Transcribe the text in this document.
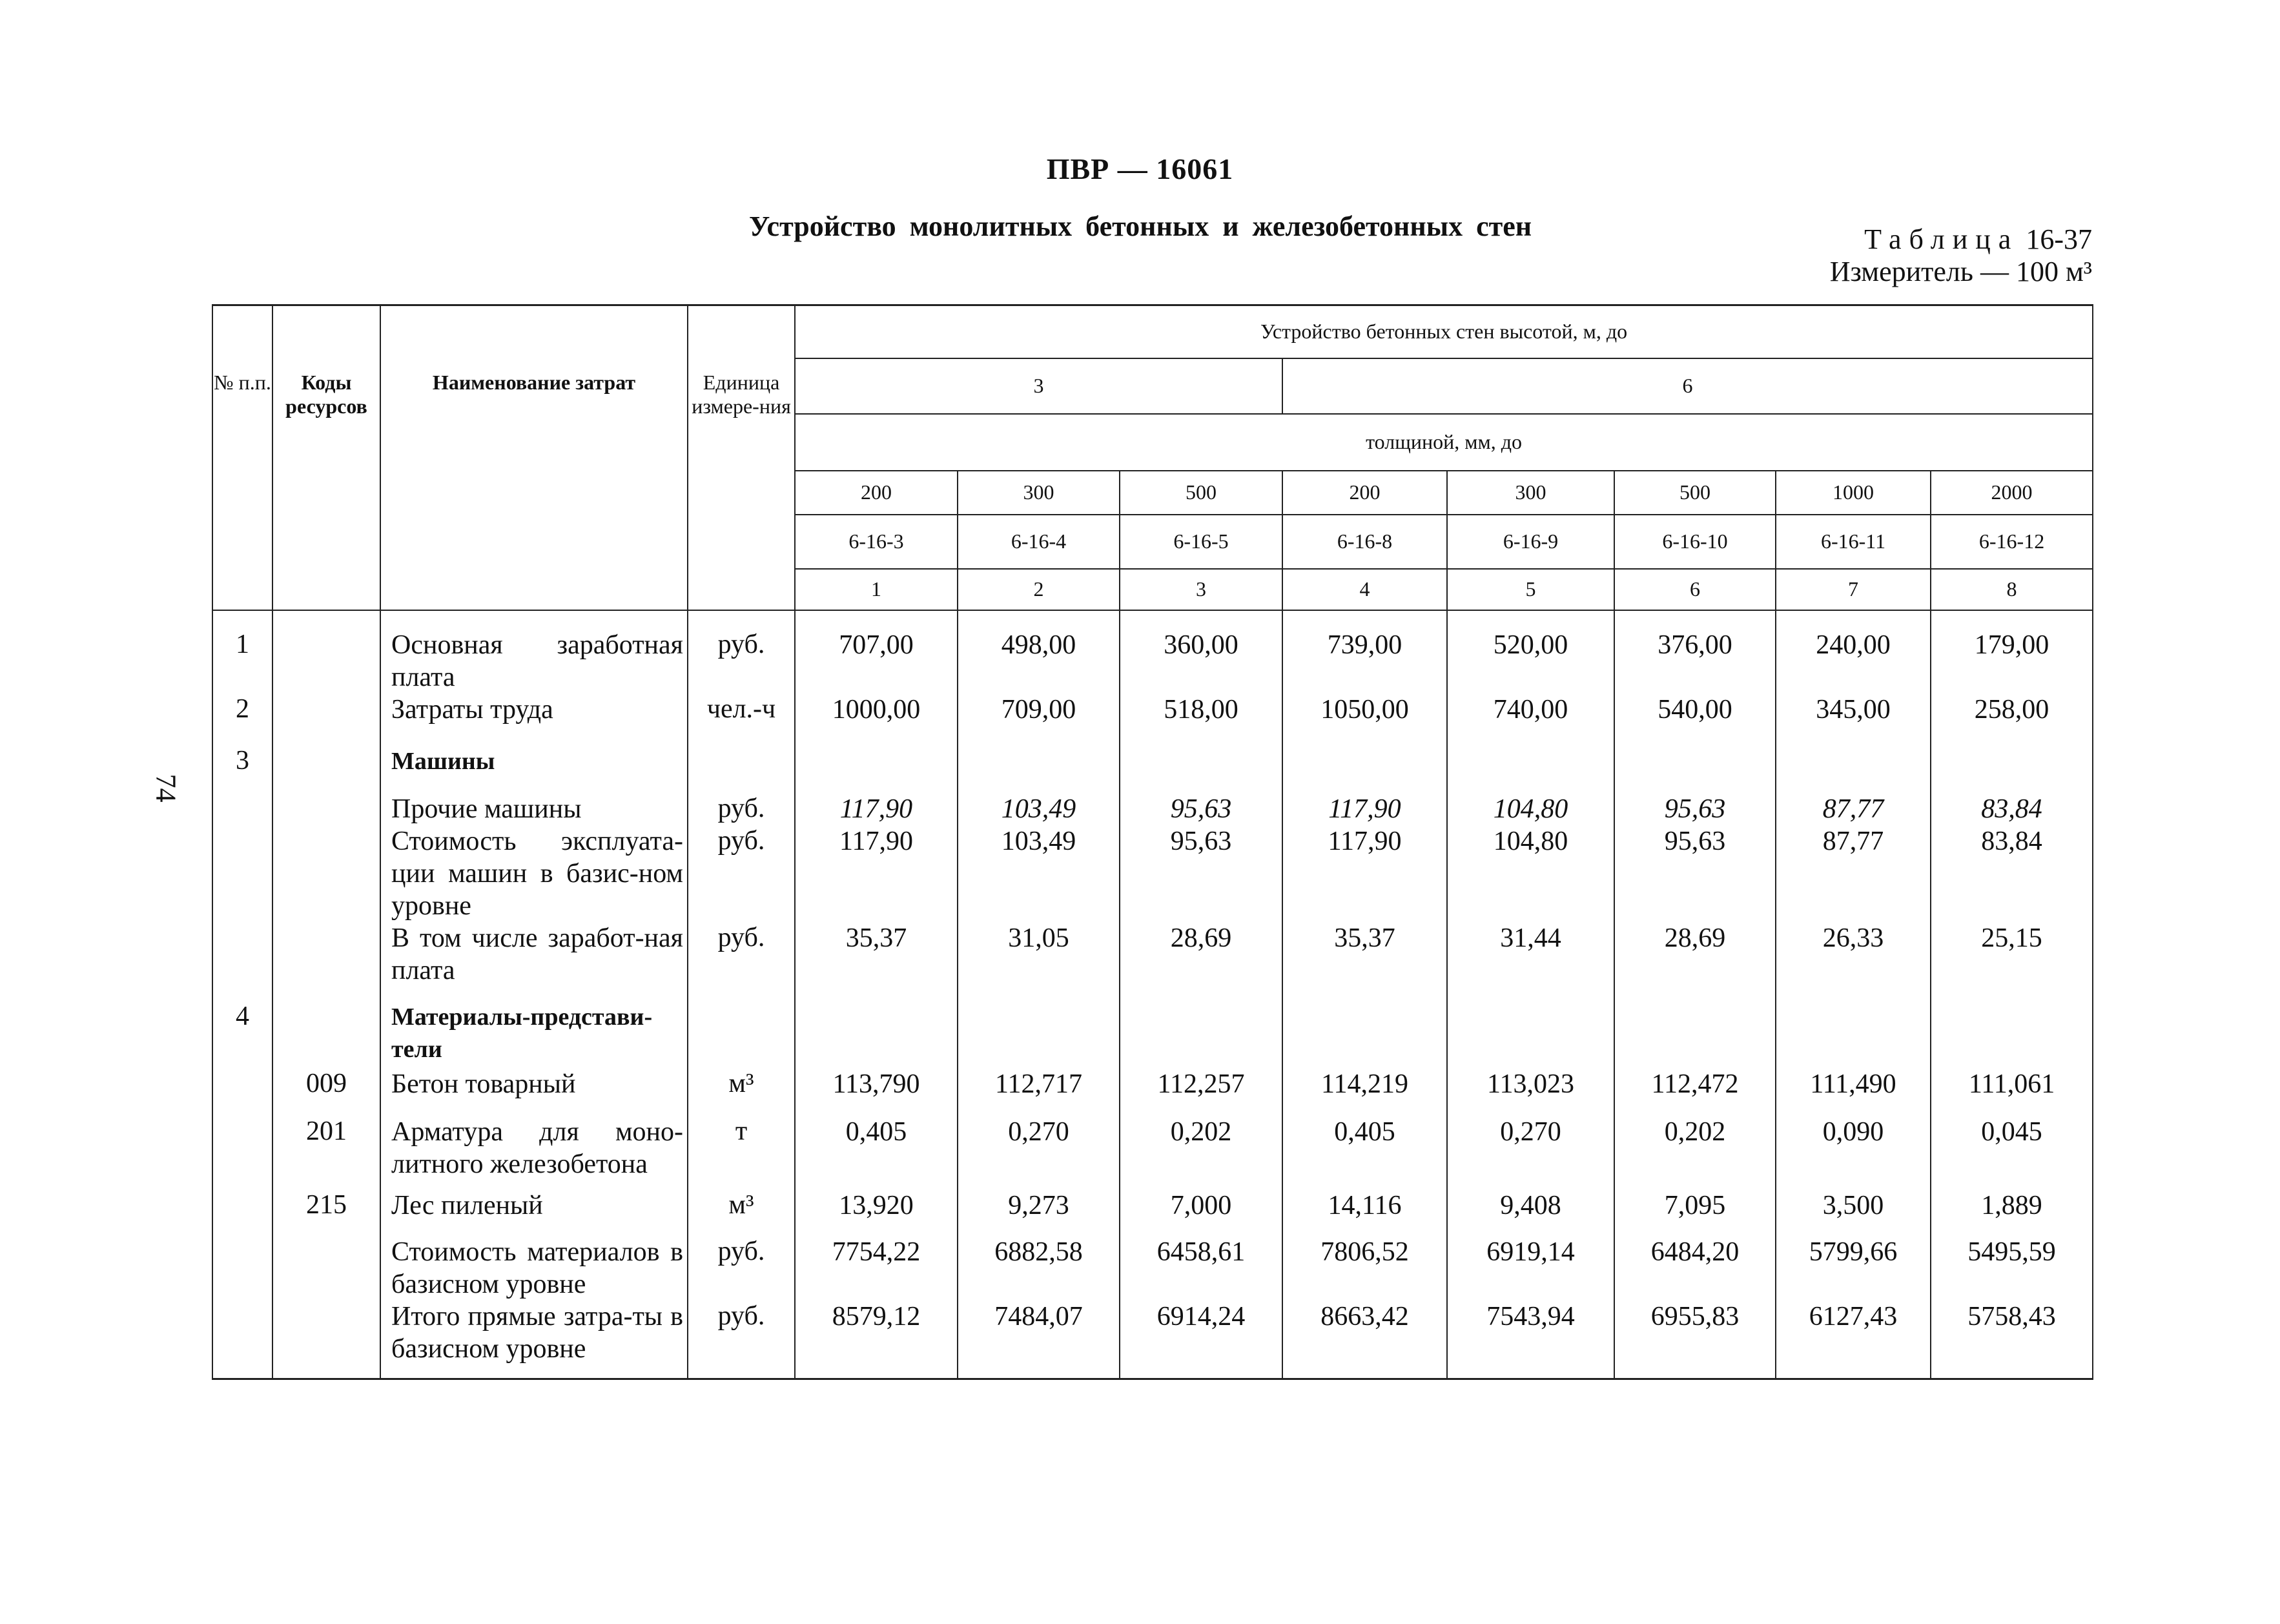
ПВР — 16061
Устройство монолитных бетонных и железобетонных стен	Таблица 16-37
Измеритель — 100 м³
74
№ п.п.	Коды ресурсов	Наименование затрат	Единица измере-ния	Устройство бетонных стен высотой, м, до							
				3			6				
				толщиной, мм, до							
				200	300	500	200	300	500	1000	2000
				6-16-3	6-16-4	6-16-5	6-16-8	6-16-9	6-16-10	6-16-11	6-16-12
				1	2	3	4	5	6	7	8
1		Основная заработная плата	руб.	707,00	498,00	360,00	739,00	520,00	376,00	240,00	179,00
2		Затраты труда	чел.-ч	1000,00	709,00	518,00	1050,00	740,00	540,00	345,00	258,00
3		Машины									
		Прочие машины	руб.	117,90	103,49	95,63	117,90	104,80	95,63	87,77	83,84
		Стоимость эксплуата-ции машин в базис-ном уровне	руб.	117,90	103,49	95,63	117,90	104,80	95,63	87,77	83,84
		В том числе заработ-ная плата	руб.	35,37	31,05	28,69	35,37	31,44	28,69	26,33	25,15
4		Материалы-представи-тели									
	009	Бетон товарный	м³	113,790	112,717	112,257	114,219	113,023	112,472	111,490	111,061
	201	Арматура для моно-литного железобетона	т	0,405	0,270	0,202	0,405	0,270	0,202	0,090	0,045
	215	Лес пиленый	м³	13,920	9,273	7,000	14,116	9,408	7,095	3,500	1,889
		Стоимость материалов в базисном уровне	руб.	7754,22	6882,58	6458,61	7806,52	6919,14	6484,20	5799,66	5495,59
		Итого прямые затра-ты в базисном уровне	руб.	8579,12	7484,07	6914,24	8663,42	7543,94	6955,83	6127,43	5758,43
